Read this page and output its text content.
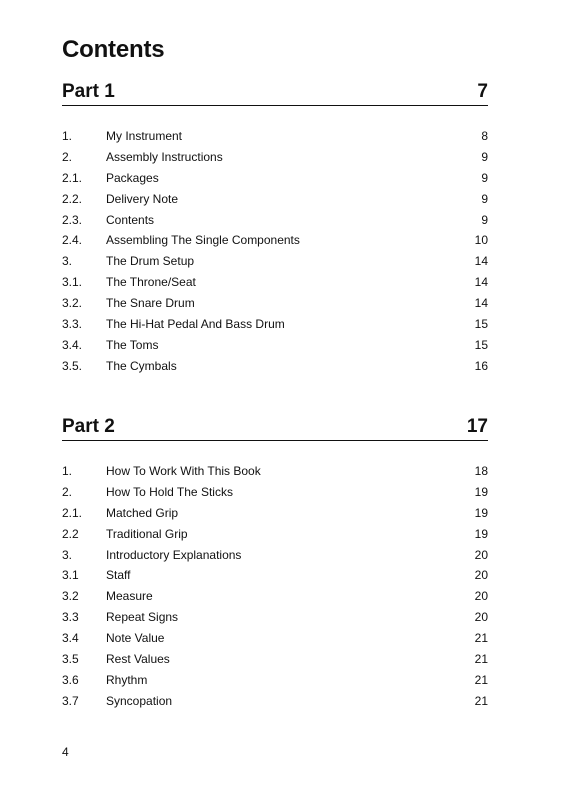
Contents
Part 1	7
1.	My Instrument	8
2.	Assembly Instructions	9
2.1.	Packages	9
2.2.	Delivery Note	9
2.3.	Contents	9
2.4.	Assembling The Single Components	10
3.	The Drum Setup	14
3.1.	The Throne/Seat	14
3.2.	The Snare Drum	14
3.3.	The Hi-Hat Pedal And Bass Drum	15
3.4.	The Toms	15
3.5.	The Cymbals	16
Part 2	17
1.	How To Work With This Book	18
2.	How To Hold The Sticks	19
2.1.	Matched Grip	19
2.2	Traditional Grip	19
3.	Introductory Explanations	20
3.1	Staff	20
3.2	Measure	20
3.3	Repeat Signs	20
3.4	Note Value	21
3.5	Rest Values	21
3.6	Rhythm	21
3.7	Syncopation	21
4
